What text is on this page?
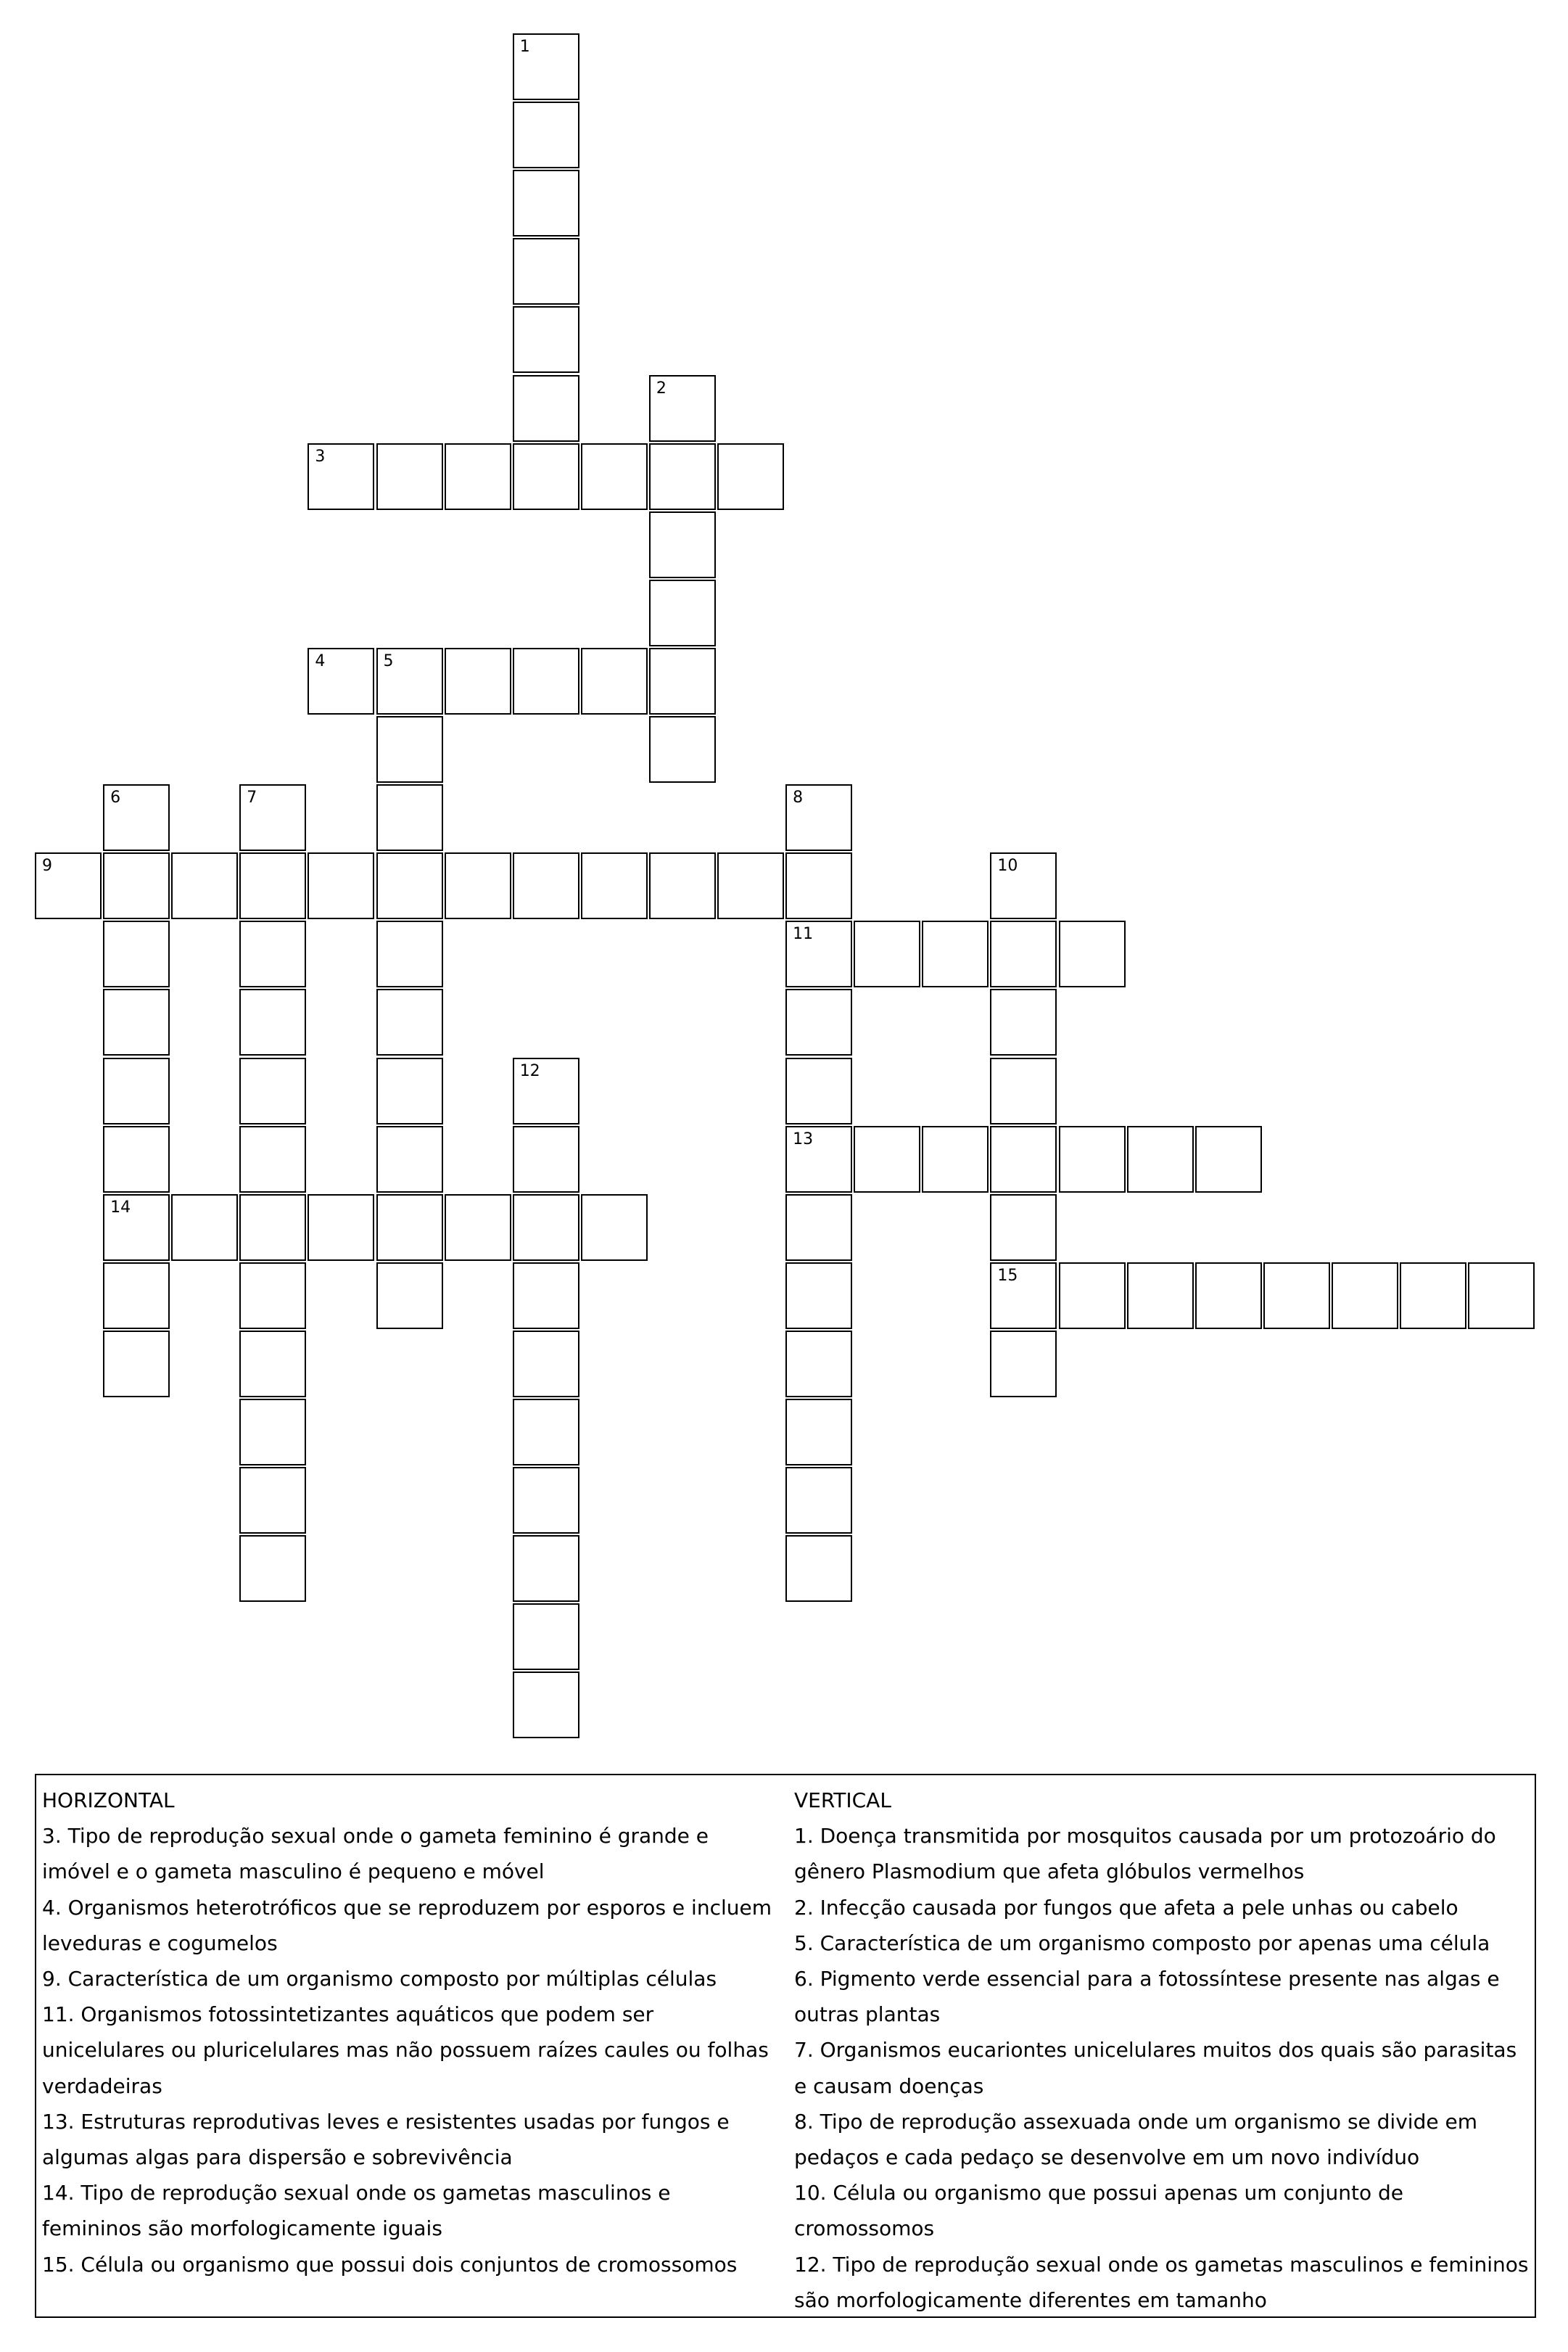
1
2
3
4	5
6
14
7	8
11
13
9	10
15
12

HORIZONTAL

3. Tipo de reprodução sexual onde o gameta feminino é grande e imóvel e o gameta masculino é pequeno e móvel

4. Organismos heterotróficos que se reproduzem por esporos e incluem leveduras e cogumelos

9. Característica de um organismo composto por múltiplas células

11. Organismos fotossintetizantes aquáticos que podem ser unicelulares ou pluricelulares mas não possuem raízes caules ou folhas verdadeiras

13. Estruturas reprodutivas leves e resistentes usadas por fungos e algumas algas para dispersão e sobrevivência

14. Tipo de reprodução sexual onde os gametas masculinos e femininos são morfologicamente iguais

15. Célula ou organismo que possui dois conjuntos de cromossomos

VERTICAL

1. Doença transmitida por mosquitos causada por um protozoário do gênero Plasmodium que afeta glóbulos vermelhos

2. Infecção causada por fungos que afeta a pele unhas ou cabelo

5. Característica de um organismo composto por apenas uma célula

6. Pigmento verde essencial para a fotossíntese presente nas algas e outras plantas

7. Organismos eucariontes unicelulares muitos dos quais são parasitas e causam doenças

8. Tipo de reprodução assexuada onde um organismo se divide em pedaços e cada pedaço se desenvolve em um novo indivíduo

10. Célula ou organismo que possui apenas um conjunto de cromossomos

12. Tipo de reprodução sexual onde os gametas masculinos e femininos são morfologicamente diferentes em tamanho
